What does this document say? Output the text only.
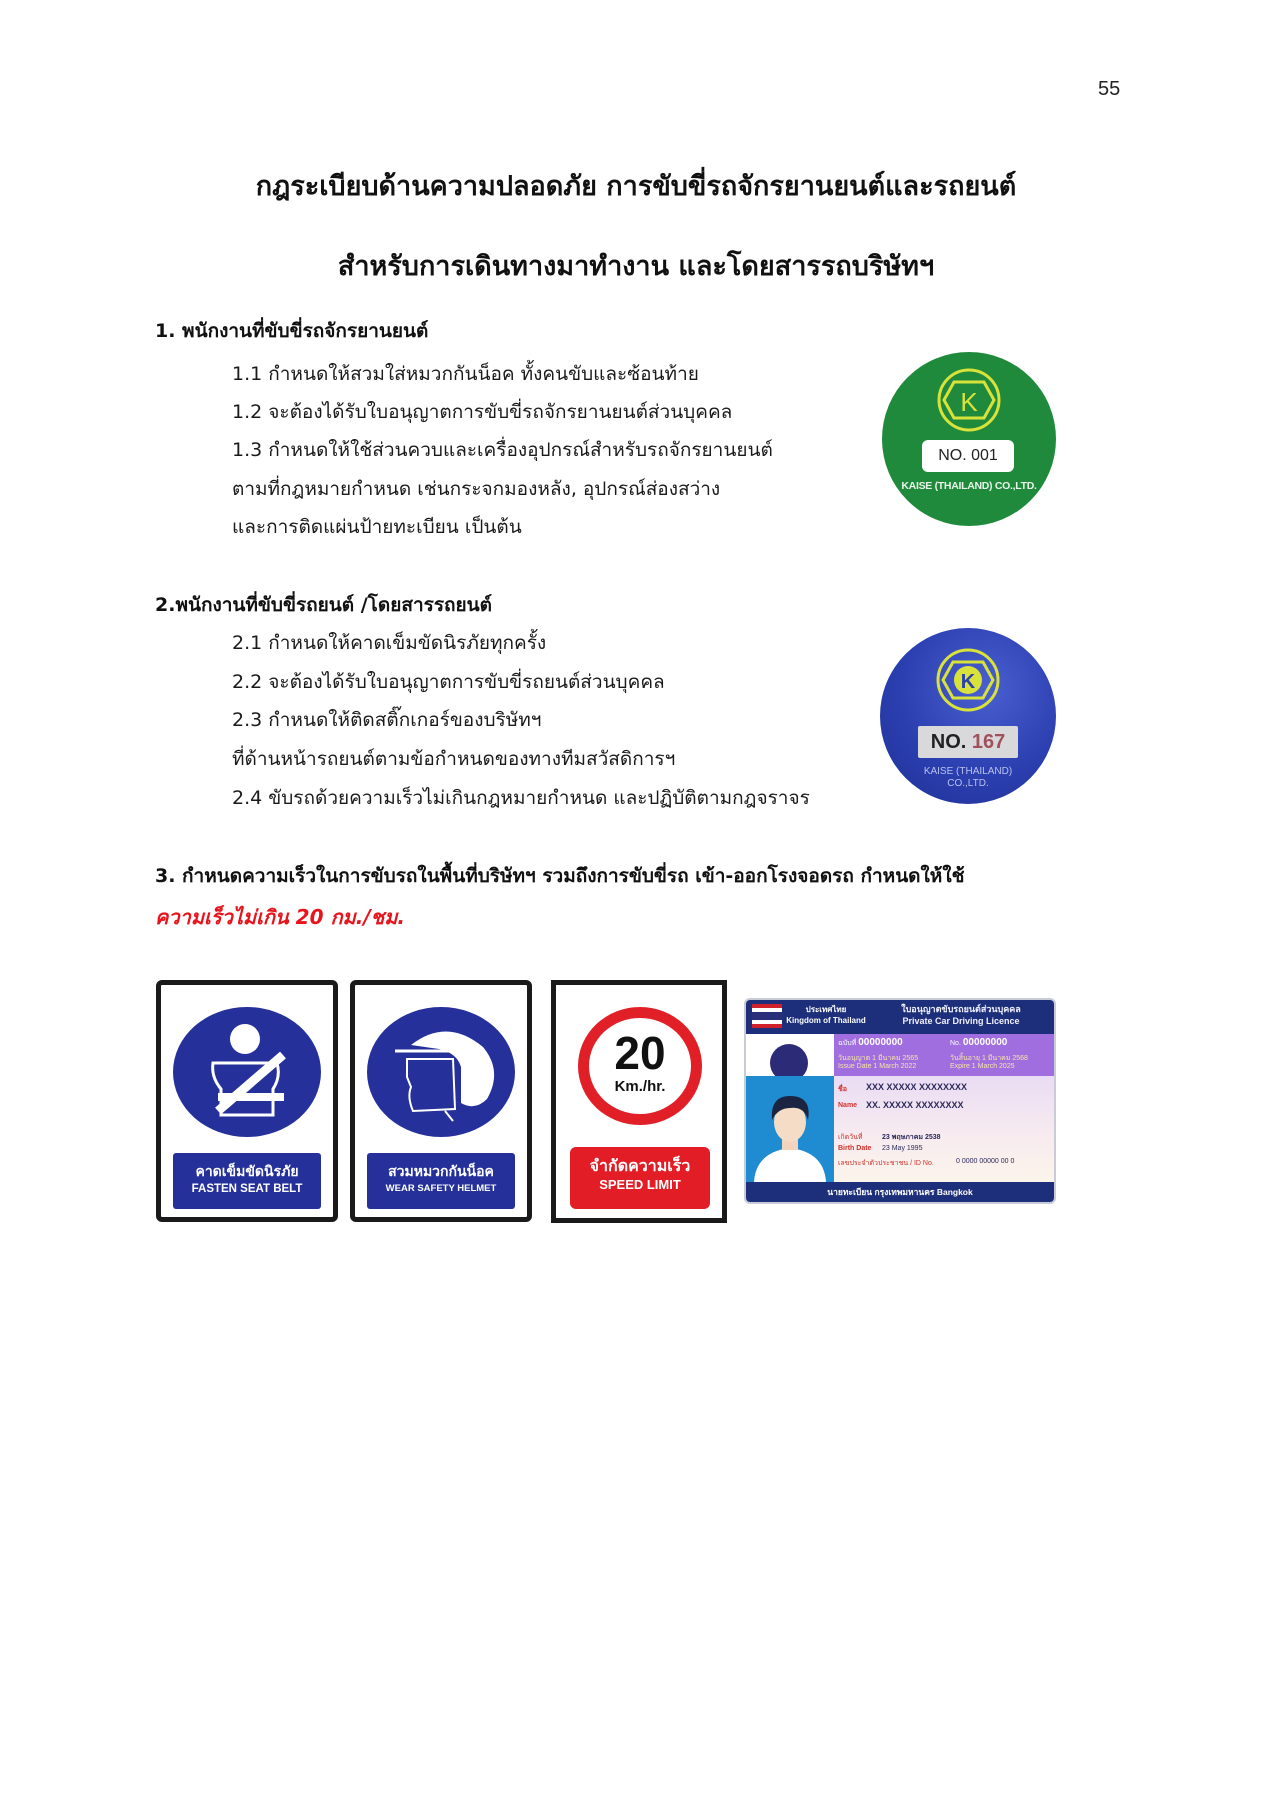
55
กฎระเบียบด้านความปลอดภัย การขับขี่รถจักรยานยนต์และรถยนต์
สำหรับการเดินทางมาทำงาน และโดยสารรถบริษัทฯ
1. พนักงานที่ขับขี่รถจักรยานยนต์
1.1 กำหนดให้สวมใส่หมวกกันน็อค ทั้งคนขับและซ้อนท้าย
1.2 จะต้องได้รับใบอนุญาตการขับขี่รถจักรยานยนต์ส่วนบุคคล
1.3 กำหนดให้ใช้ส่วนควบและเครื่องอุปกรณ์สำหรับรถจักรยานยนต์
ตามที่กฎหมายกำหนด เช่นกระจกมองหลัง, อุปกรณ์ส่องสว่าง
และการติดแผ่นป้ายทะเบียน เป็นต้น
K
NO. 001
KAISE (THAILAND) CO.,LTD.
2.พนักงานที่ขับขี่รถยนต์ /โดยสารรถยนต์
2.1 กำหนดให้คาดเข็มขัดนิรภัยทุกครั้ง
2.2 จะต้องได้รับใบอนุญาตการขับขี่รถยนต์ส่วนบุคคล
2.3 กำหนดให้ติดสติ๊กเกอร์ของบริษัทฯ
ที่ด้านหน้ารถยนต์ตามข้อกำหนดของทางทีมสวัสดิการฯ
2.4 ขับรถด้วยความเร็วไม่เกินกฎหมายกำหนด และปฏิบัติตามกฎจราจร
K
NO. 167
KAISE (THAILAND)
CO.,LTD.
3. กำหนดความเร็วในการขับรถในพื้นที่บริษัทฯ รวมถึงการขับขี่รถ เข้า-ออกโรงจอดรถ กำหนดให้ใช้
ความเร็วไม่เกิน 20 กม./ชม.
คาดเข็มขัดนิรภัย
FASTEN SEAT BELT
สวมหมวกกันน็อค
WEAR SAFETY HELMET
20
Km./hr.
จำกัดความเร็ว
SPEED LIMIT
ประเทศไทย
Kingdom of Thailand
ใบอนุญาตขับรถยนต์ส่วนบุคคล
Private Car Driving Licence
ฉบับที่ 00000000	No. 00000000
วันอนุญาต 1 มีนาคม 2565	วันสิ้นอายุ 1 มีนาคม 2568
Issue Date 1 March 2022	Expire 1 March 2025
ชื่อ XXX XXXXX XXXXXXXX
Name XX. XXXXX XXXXXXXX
เกิดวันที่	23 พฤษภาคม 2538
Birth Date 23 May 1995
เลขประจำตัวประชาชน / ID No.	0 0000 00000 00 0
นายทะเบียน กรุงเทพมหานคร Bangkok
